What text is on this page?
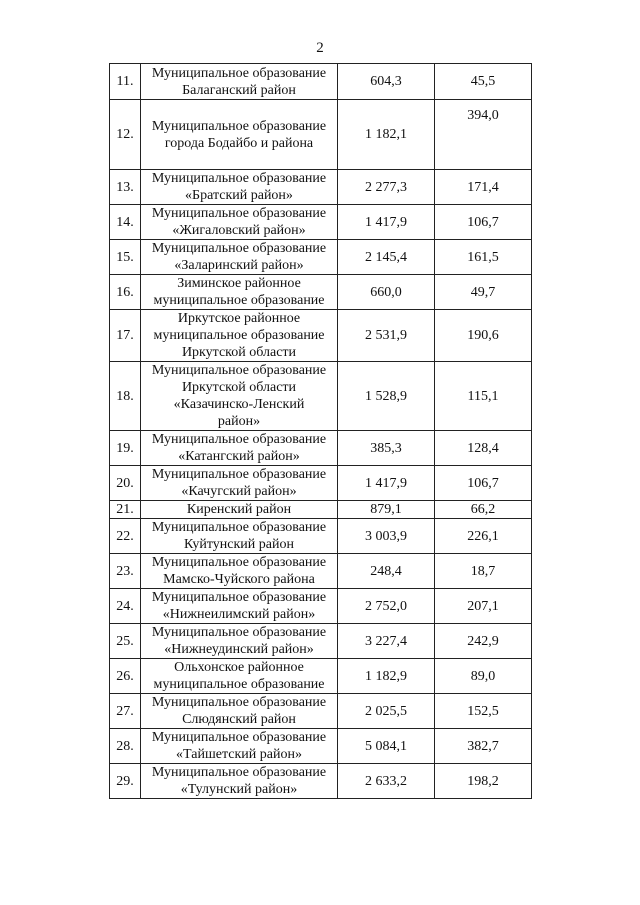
2
11.	Муниципальное образование
Балаганский район	604,3	45,5
12.	Муниципальное образование
города Бодайбо и района	1 182,1	394,0
13.	Муниципальное образование
«Братский район»	2 277,3	171,4
14.	Муниципальное образование
«Жигаловский район»	1 417,9	106,7
15.	Муниципальное образование
«Заларинский район»	2 145,4	161,5
16.	Зиминское районное
муниципальное образование	660,0	49,7
17.	Иркутское районное
муниципальное образование
Иркутской области	2 531,9	190,6
18.	Муниципальное образование
Иркутской области
«Казачинско-Ленский
район»	1 528,9	115,1
19.	Муниципальное образование
«Катангский район»	385,3	128,4
20.	Муниципальное образование
«Качугский район»	1 417,9	106,7
21.	Киренский район	879,1	66,2
22.	Муниципальное образование
Куйтунский район	3 003,9	226,1
23.	Муниципальное образование
Мамско-Чуйского района	248,4	18,7
24.	Муниципальное образование
«Нижнеилимский район»	2 752,0	207,1
25.	Муниципальное образование
«Нижнеудинский район»	3 227,4	242,9
26.	Ольхонское районное
муниципальное образование	1 182,9	89,0
27.	Муниципальное образование
Слюдянский район	2 025,5	152,5
28.	Муниципальное образование
«Тайшетский район»	5 084,1	382,7
29.	Муниципальное образование
«Тулунский район»	2 633,2	198,2
